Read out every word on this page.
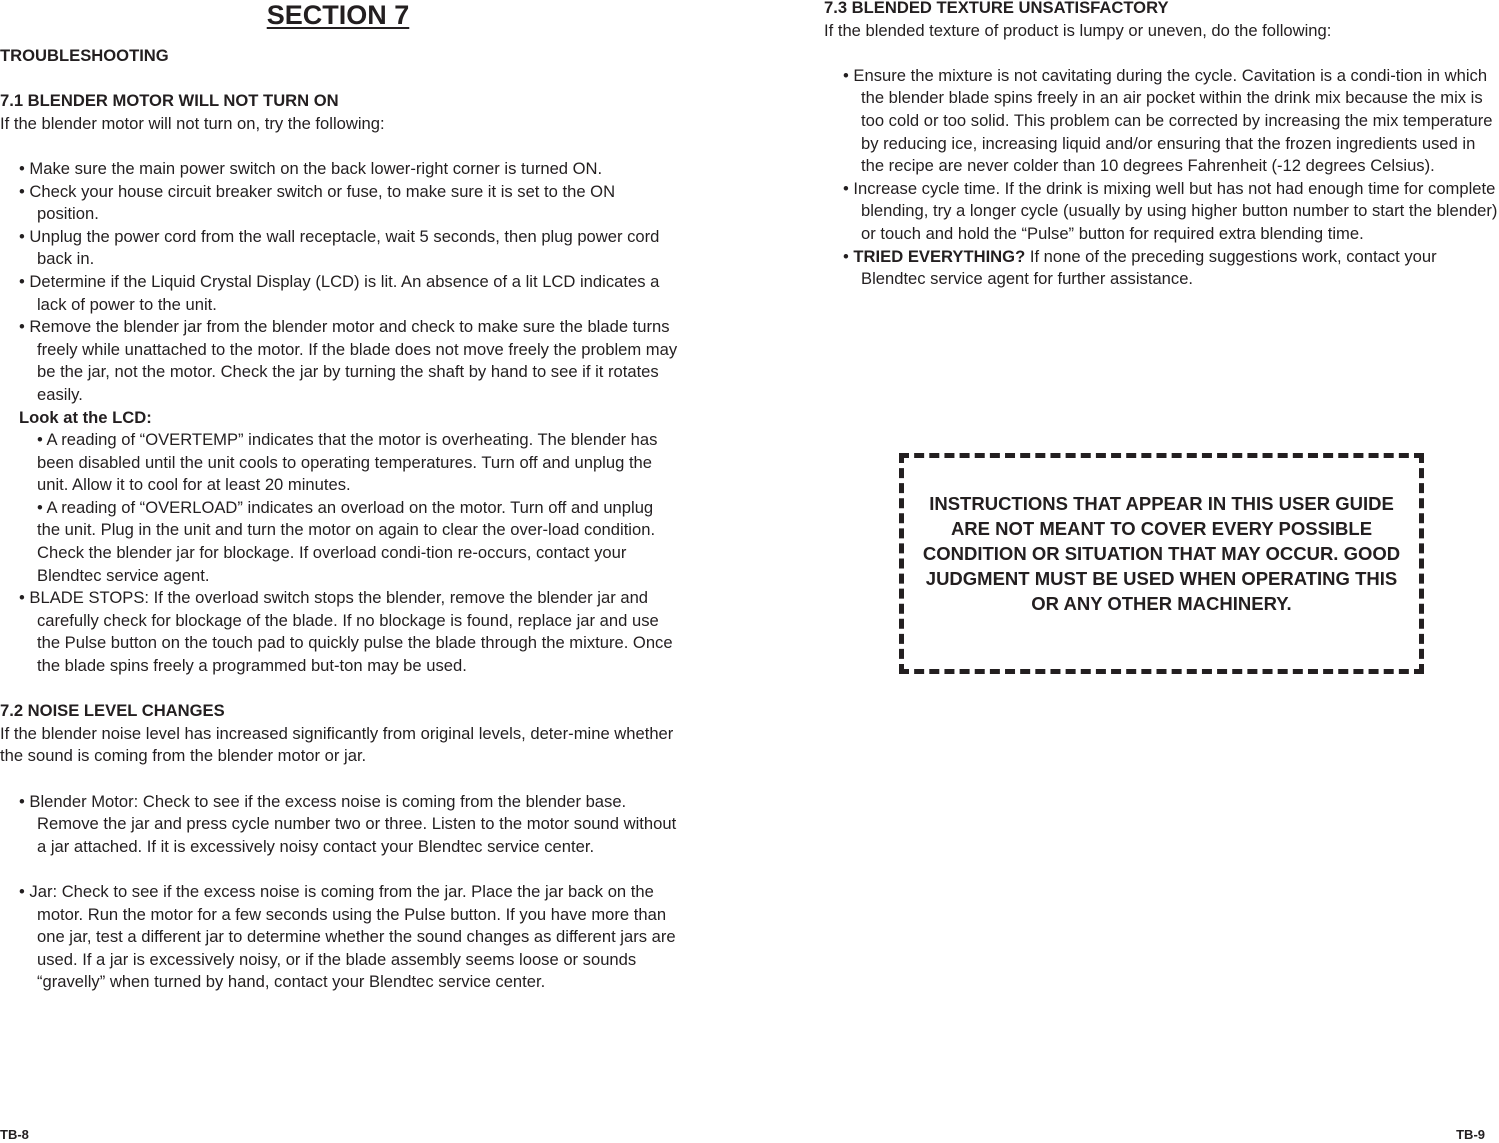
SECTION 7

TROUBLESHOOTING

7.1 BLENDER MOTOR WILL NOT TURN ON

If the blender motor will not turn on, try the following:

• Make sure the main power switch on the back lower-right corner is turned ON.

• Check your house circuit breaker switch or fuse, to make sure it is set to the ON position.

• Unplug the power cord from the wall receptacle, wait 5 seconds, then plug power cord back in.

• Determine if the Liquid Crystal Display (LCD) is lit. An absence of a lit LCD indicates a lack of power to the unit.

• Remove the blender jar from the blender motor and check to make sure the blade turns freely while unattached to the motor. If the blade does not move freely the problem may be the jar, not the motor. Check the jar by turning the shaft by hand to see if it rotates easily.

Look at the LCD:

• A reading of “OVERTEMP” indicates that the motor is overheating. The blender has been disabled until the unit cools to operating temperatures. Turn off and unplug the unit. Allow it to cool for at least 20 minutes.

• A reading of “OVERLOAD” indicates an overload on the motor. Turn off and unplug the unit. Plug in the unit and turn the motor on again to clear the over-load condition. Check the blender jar for blockage. If overload condi-tion re-occurs, contact your Blendtec service agent.

• BLADE STOPS: If the overload switch stops the blender, remove the blender jar and carefully check for blockage of the blade. If no blockage is found, replace jar and use the Pulse button on the touch pad to quickly pulse the blade through the mixture. Once the blade spins freely a programmed but-ton may be used.

7.2 NOISE LEVEL CHANGES

If the blender noise level has increased significantly from original levels, deter-mine whether the sound is coming from the blender motor or jar.

• Blender Motor: Check to see if the excess noise is coming from the blender base. Remove the jar and press cycle number two or three. Listen to the motor sound without a jar attached. If it is excessively noisy contact your Blendtec service center.

• Jar: Check to see if the excess noise is coming from the jar. Place the jar back on the motor. Run the motor for a few seconds using the Pulse button. If you have more than one jar, test a different jar to determine whether the sound changes as different jars are used. If a jar is excessively noisy, or if the blade assembly seems loose or sounds “gravelly” when turned by hand, contact your Blendtec service center.

7.3 BLENDED TEXTURE UNSATISFACTORY

If the blended texture of product is lumpy or uneven, do the following:

• Ensure the mixture is not cavitating during the cycle. Cavitation is a condi-tion in which the blender blade spins freely in an air pocket within the drink mix because the mix is too cold or too solid. This problem can be corrected by increasing the mix temperature by reducing ice, increasing liquid and/or ensuring that the frozen ingredients used in the recipe are never colder than 10 degrees Fahrenheit (-12 degrees Celsius).

• Increase cycle time. If the drink is mixing well but has not had enough time for complete blending, try a longer cycle (usually by using higher button number to start the blender) or touch and hold the “Pulse” button for required extra blending time.

• TRIED EVERYTHING? If none of the preceding suggestions work, contact your Blendtec service agent for further assistance.

INSTRUCTIONS THAT APPEAR IN THIS USER GUIDE ARE NOT MEANT TO COVER EVERY POSSIBLE CONDITION OR SITUATION THAT MAY OCCUR. GOOD JUDGMENT MUST BE USED WHEN OPERATING THIS OR ANY OTHER MACHINERY.

TB-8	TB-9
